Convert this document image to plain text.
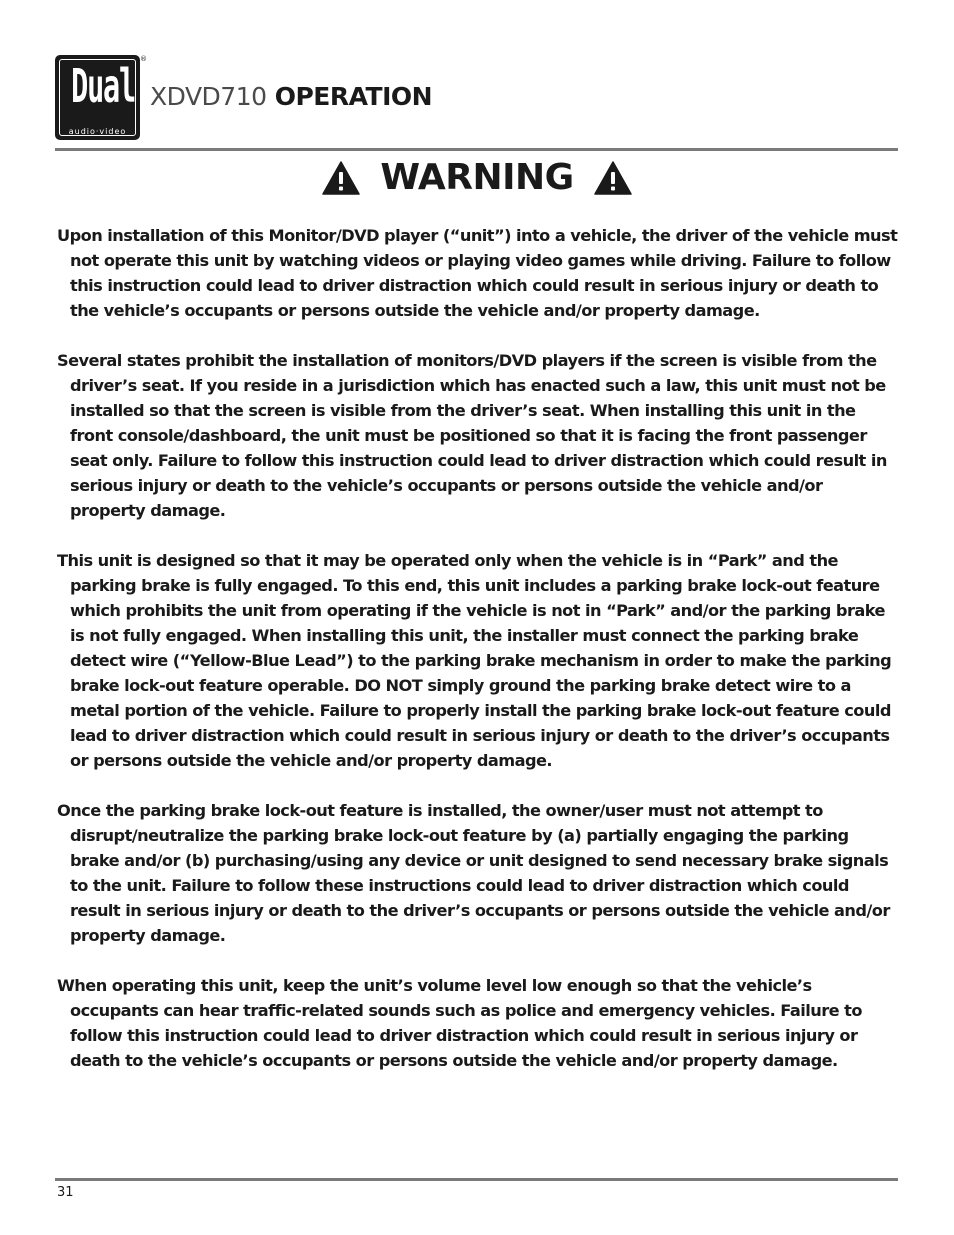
Dual
audio·video
®
XDVD710 OPERATION
WARNING

Upon installation of this Monitor/DVD player (“unit”) into a vehicle, the driver of the vehicle must not operate this unit by watching videos or playing video games while driving. Failure to follow this instruction could lead to driver distraction which could result in serious injury or death to the vehicle’s occupants or persons outside the vehicle and/or property damage.

Several states prohibit the installation of monitors/DVD players if the screen is visible from the driver’s seat. If you reside in a jurisdiction which has enacted such a law, this unit must not be installed so that the screen is visible from the driver’s seat. When installing this unit in the front console/dashboard, the unit must be positioned so that it is facing the front passenger seat only. Failure to follow this instruction could lead to driver distraction which could result in serious injury or death to the vehicle’s occupants or persons outside the vehicle and/or property damage.

This unit is designed so that it may be operated only when the vehicle is in “Park” and the parking brake is fully engaged. To this end, this unit includes a parking brake lock-out feature which prohibits the unit from operating if the vehicle is not in “Park” and/or the parking brake is not fully engaged. When installing this unit, the installer must connect the parking brake detect wire (“Yellow-Blue Lead”) to the parking brake mechanism in order to make the parking brake lock-out feature operable. DO NOT simply ground the parking brake detect wire to a metal portion of the vehicle. Failure to properly install the parking brake lock-out feature could lead to driver distraction which could result in serious injury or death to the driver’s occupants or persons outside the vehicle and/or property damage.

Once the parking brake lock-out feature is installed, the owner/user must not attempt to disrupt/neutralize the parking brake lock-out feature by (a) partially engaging the parking brake and/or (b) purchasing/using any device or unit designed to send necessary brake signals to the unit. Failure to follow these instructions could lead to driver distraction which could result in serious injury or death to the driver’s occupants or persons outside the vehicle and/or property damage.

When operating this unit, keep the unit’s volume level low enough so that the vehicle’s occupants can hear traffic-related sounds such as police and emergency vehicles. Failure to follow this instruction could lead to driver distraction which could result in serious injury or death to the vehicle’s occupants or persons outside the vehicle and/or property damage.

31
